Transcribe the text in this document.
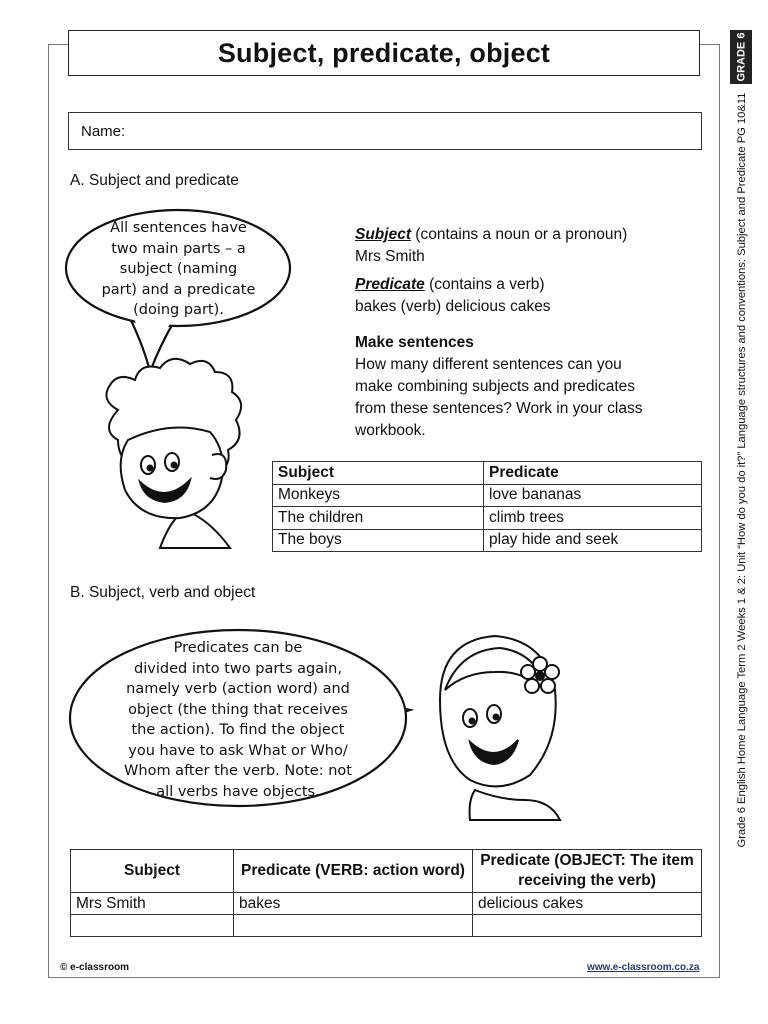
Subject, predicate, object	GRADE 6
Grade 6 English Home Language Term 2 Weeks 1 & 2: Unit “How do you do it?” Language structures and conventions: Subject and Predicate PG 10&11
Name:
A. Subject and predicate
All sentences have
two main parts – a
subject (naming
part) and a predicate
(doing part).
Subject (contains a noun or a pronoun)
Mrs Smith
Predicate (contains a verb)
bakes (verb) delicious cakes
Make sentences
How many different sentences can you
make combining subjects and predicates
from these sentences? Work in your class
workbook.
Subject	Predicate
Monkeys	love bananas
The children	climb trees
The boys	play hide and seek
B. Subject, verb and object
Predicates can be
divided into two parts again,
namely verb (action word) and
object (the thing that receives
the action). To find the object
you have to ask What or Who/
Whom after the verb. Note: not
all verbs have objects.
Subject	Predicate (VERB: action word)	Predicate (OBJECT: The item receiving the verb)
Mrs Smith	bakes	delicious cakes

© e-classroom	www.e-classroom.co.za
